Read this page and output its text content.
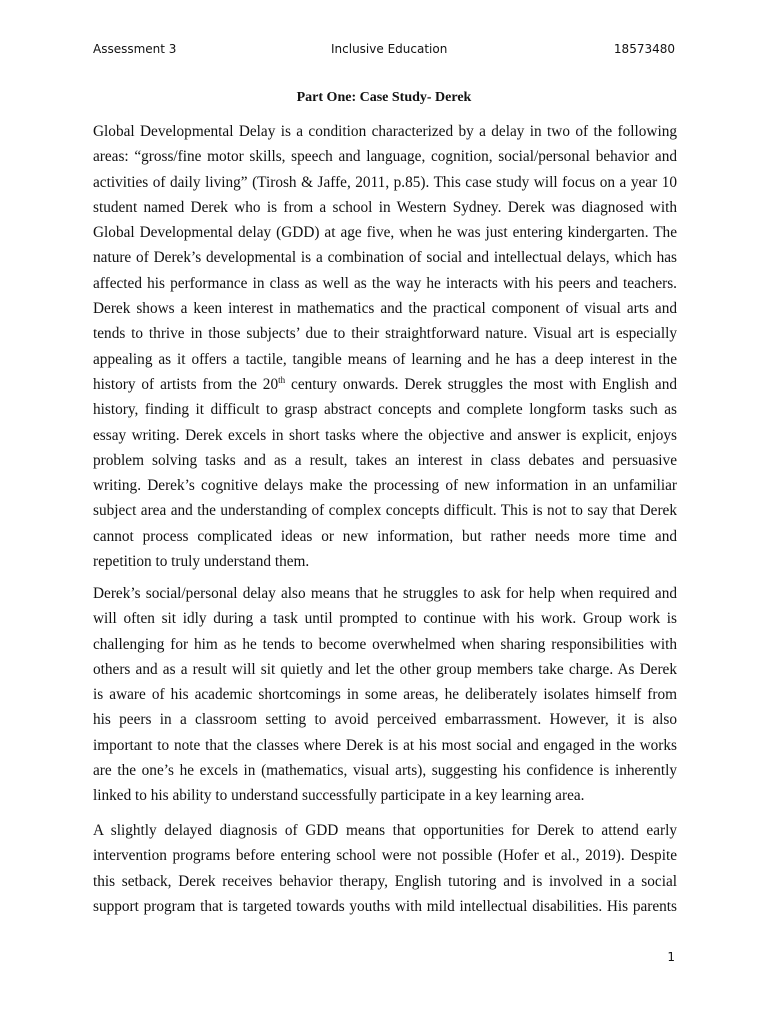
Assessment 3	Inclusive Education	18573480
Part One: Case Study- Derek
Global Developmental Delay is a condition characterized by a delay in two of the following
areas: “gross/fine motor skills, speech and language, cognition, social/personal behavior and
activities of daily living” (Tirosh & Jaffe, 2011, p.85). This case study will focus on a year 10
student named Derek who is from a school in Western Sydney. Derek was diagnosed with
Global Developmental delay (GDD) at age five, when he was just entering kindergarten. The
nature of Derek’s developmental is a combination of social and intellectual delays, which has
affected his performance in class as well as the way he interacts with his peers and teachers.
Derek shows a keen interest in mathematics and the practical component of visual arts and
tends to thrive in those subjects’ due to their straightforward nature. Visual art is especially
appealing as it offers a tactile, tangible means of learning and he has a deep interest in the
history of artists from the 20th century onwards. Derek struggles the most with English and
history, finding it difficult to grasp abstract concepts and complete longform tasks such as
essay writing. Derek excels in short tasks where the objective and answer is explicit, enjoys
problem solving tasks and as a result, takes an interest in class debates and persuasive
writing. Derek’s cognitive delays make the processing of new information in an unfamiliar
subject area and the understanding of complex concepts difficult. This is not to say that Derek
cannot process complicated ideas or new information, but rather needs more time and
repetition to truly understand them.
Derek’s social/personal delay also means that he struggles to ask for help when required and
will often sit idly during a task until prompted to continue with his work. Group work is
challenging for him as he tends to become overwhelmed when sharing responsibilities with
others and as a result will sit quietly and let the other group members take charge. As Derek
is aware of his academic shortcomings in some areas, he deliberately isolates himself from
his peers in a classroom setting to avoid perceived embarrassment. However, it is also
important to note that the classes where Derek is at his most social and engaged in the works
are the one’s he excels in (mathematics, visual arts), suggesting his confidence is inherently
linked to his ability to understand successfully participate in a key learning area.
A slightly delayed diagnosis of GDD means that opportunities for Derek to attend early
intervention programs before entering school were not possible (Hofer et al., 2019). Despite
this setback, Derek receives behavior therapy, English tutoring and is involved in a social
support program that is targeted towards youths with mild intellectual disabilities. His parents
1
